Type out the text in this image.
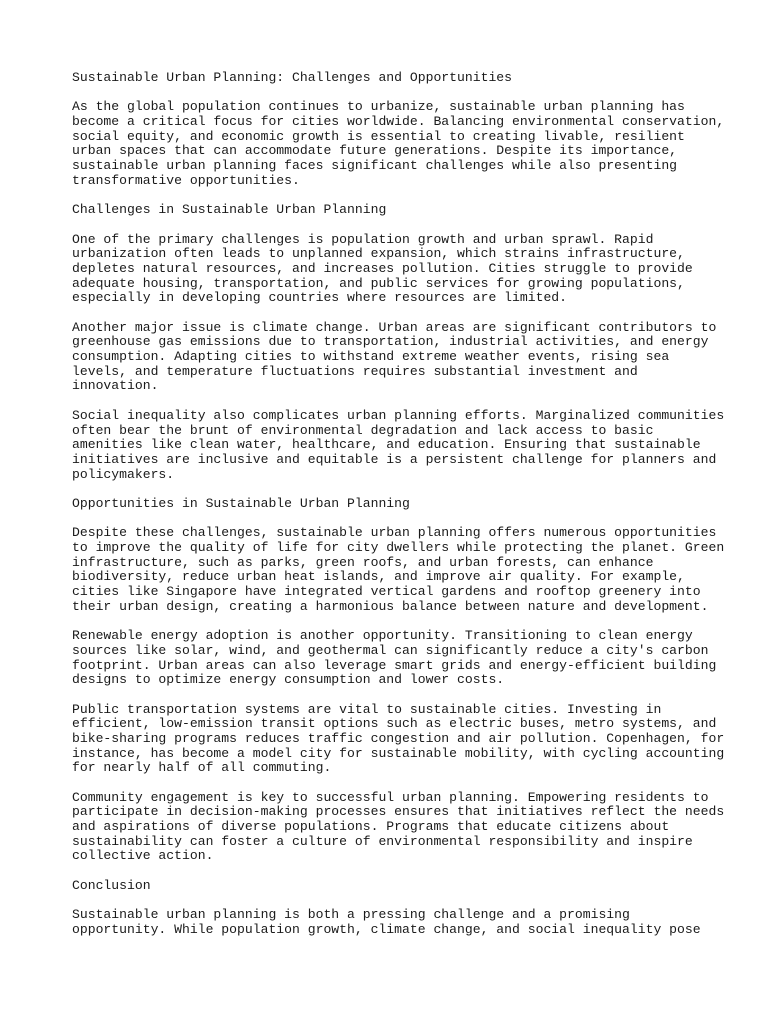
Sustainable Urban Planning: Challenges and Opportunities
As the global population continues to urbanize, sustainable urban planning has
become a critical focus for cities worldwide. Balancing environmental conservation,
social equity, and economic growth is essential to creating livable, resilient
urban spaces that can accommodate future generations. Despite its importance,
sustainable urban planning faces significant challenges while also presenting
transformative opportunities.
Challenges in Sustainable Urban Planning
One of the primary challenges is population growth and urban sprawl. Rapid
urbanization often leads to unplanned expansion, which strains infrastructure,
depletes natural resources, and increases pollution. Cities struggle to provide
adequate housing, transportation, and public services for growing populations,
especially in developing countries where resources are limited.
Another major issue is climate change. Urban areas are significant contributors to
greenhouse gas emissions due to transportation, industrial activities, and energy
consumption. Adapting cities to withstand extreme weather events, rising sea
levels, and temperature fluctuations requires substantial investment and
innovation.
Social inequality also complicates urban planning efforts. Marginalized communities
often bear the brunt of environmental degradation and lack access to basic
amenities like clean water, healthcare, and education. Ensuring that sustainable
initiatives are inclusive and equitable is a persistent challenge for planners and
policymakers.
Opportunities in Sustainable Urban Planning
Despite these challenges, sustainable urban planning offers numerous opportunities
to improve the quality of life for city dwellers while protecting the planet. Green
infrastructure, such as parks, green roofs, and urban forests, can enhance
biodiversity, reduce urban heat islands, and improve air quality. For example,
cities like Singapore have integrated vertical gardens and rooftop greenery into
their urban design, creating a harmonious balance between nature and development.
Renewable energy adoption is another opportunity. Transitioning to clean energy
sources like solar, wind, and geothermal can significantly reduce a city's carbon
footprint. Urban areas can also leverage smart grids and energy-efficient building
designs to optimize energy consumption and lower costs.
Public transportation systems are vital to sustainable cities. Investing in
efficient, low-emission transit options such as electric buses, metro systems, and
bike-sharing programs reduces traffic congestion and air pollution. Copenhagen, for
instance, has become a model city for sustainable mobility, with cycling accounting
for nearly half of all commuting.
Community engagement is key to successful urban planning. Empowering residents to
participate in decision-making processes ensures that initiatives reflect the needs
and aspirations of diverse populations. Programs that educate citizens about
sustainability can foster a culture of environmental responsibility and inspire
collective action.
Conclusion
Sustainable urban planning is both a pressing challenge and a promising
opportunity. While population growth, climate change, and social inequality pose
